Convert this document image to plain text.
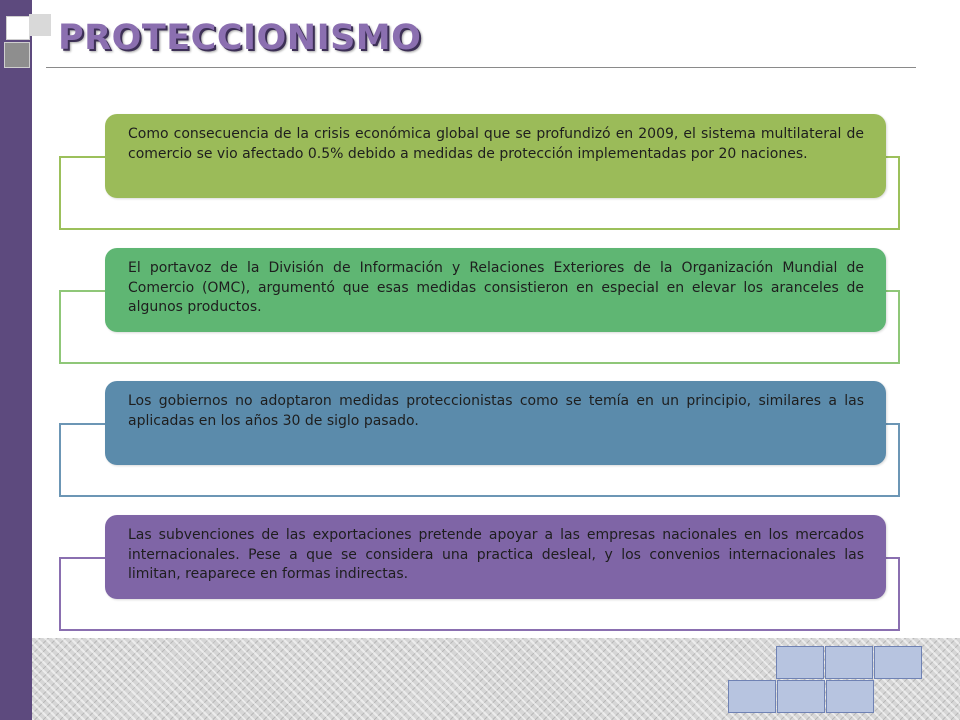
PROTECCIONISMO
Como consecuencia de la crisis económica global que se profundizó en 2009, el sistema multilateral de comercio se vio afectado 0.5% debido a medidas de protección implementadas por 20 naciones.
El portavoz de la División de Información y Relaciones Exteriores de la Organización Mundial de Comercio (OMC), argumentó que esas medidas consistieron en especial en elevar los aranceles de algunos productos.
Los gobiernos no adoptaron medidas proteccionistas como se temía en un principio, similares a las aplicadas en los años 30 de siglo pasado.
Las subvenciones de las exportaciones pretende apoyar a las empresas nacionales en los mercados internacionales. Pese a que se considera una practica desleal, y los convenios internacionales las limitan, reaparece en formas indirectas.
